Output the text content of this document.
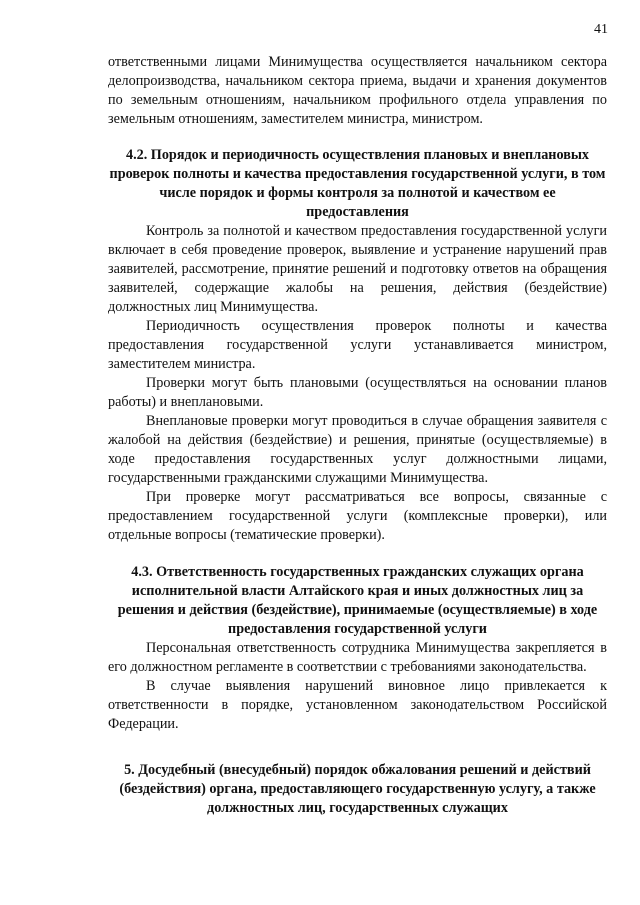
41

ответственными лицами Минимущества осуществляется начальником сектора делопроизводства, начальником сектора приема, выдачи и хранения документов по земельным отношениям, начальником профильного отдела управления по земельным отношениям, заместителем министра, министром.

4.2. Порядок и периодичность осуществления плановых и внеплановых проверок полноты и качества предоставления государственной услуги, в том числе порядок и формы контроля за полнотой и качеством ее предоставления

Контроль за полнотой и качеством предоставления государственной услуги включает в себя проведение проверок, выявление и устранение нарушений прав заявителей, рассмотрение, принятие решений и подготовку ответов на обращения заявителей, содержащие жалобы на решения, действия (бездействие) должностных лиц Минимущества.

Периодичность осуществления проверок полноты и качества предоставления государственной услуги устанавливается министром, заместителем министра.

Проверки могут быть плановыми (осуществляться на основании планов работы) и внеплановыми.

Внеплановые проверки могут проводиться в случае обращения заявителя с жалобой на действия (бездействие) и решения, принятые (осуществляемые) в ходе предоставления государственных услуг должностными лицами, государственными гражданскими служащими Минимущества.

При проверке могут рассматриваться все вопросы, связанные с предоставлением государственной услуги (комплексные проверки), или отдельные вопросы (тематические проверки).

4.3. Ответственность государственных гражданских служащих органа исполнительной власти Алтайского края и иных должностных лиц за решения и действия (бездействие), принимаемые (осуществляемые) в ходе предоставления государственной услуги

Персональная ответственность сотрудника Минимущества закрепляется в его должностном регламенте в соответствии с требованиями законодательства.

В случае выявления нарушений виновное лицо привлекается к ответственности в порядке, установленном законодательством Российской Федерации.

5. Досудебный (внесудебный) порядок обжалования решений и действий (бездействия) органа, предоставляющего государственную услугу, а также должностных лиц, государственных служащих
